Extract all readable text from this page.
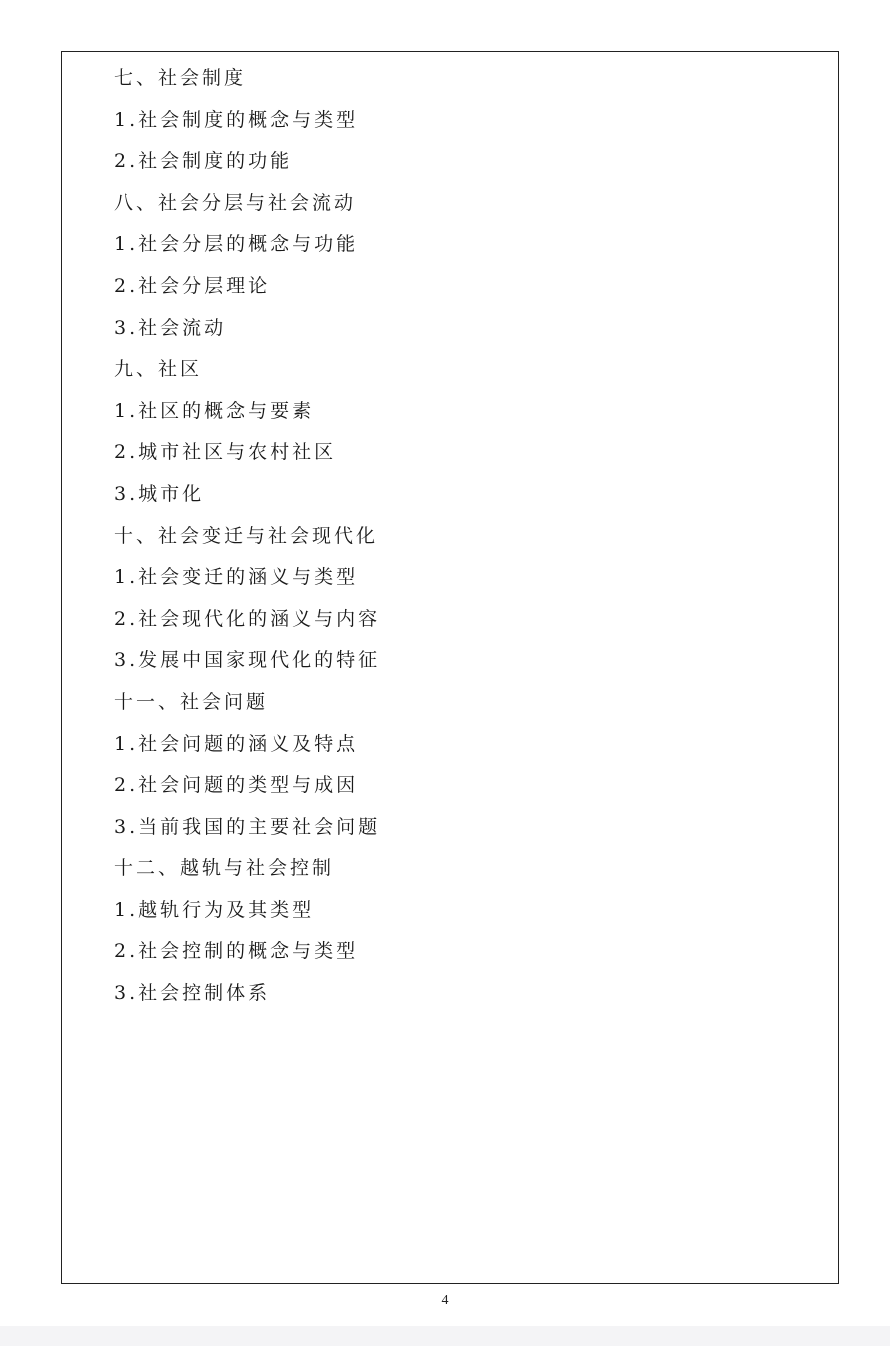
七、社会制度
1.社会制度的概念与类型
2.社会制度的功能
八、社会分层与社会流动
1.社会分层的概念与功能
2.社会分层理论
3.社会流动
九、社区
1.社区的概念与要素
2.城市社区与农村社区
3.城市化
十、社会变迁与社会现代化
1.社会变迁的涵义与类型
2.社会现代化的涵义与内容
3.发展中国家现代化的特征
十一、社会问题
1.社会问题的涵义及特点
2.社会问题的类型与成因
3.当前我国的主要社会问题
十二、越轨与社会控制
1.越轨行为及其类型
2.社会控制的概念与类型
3.社会控制体系
4
